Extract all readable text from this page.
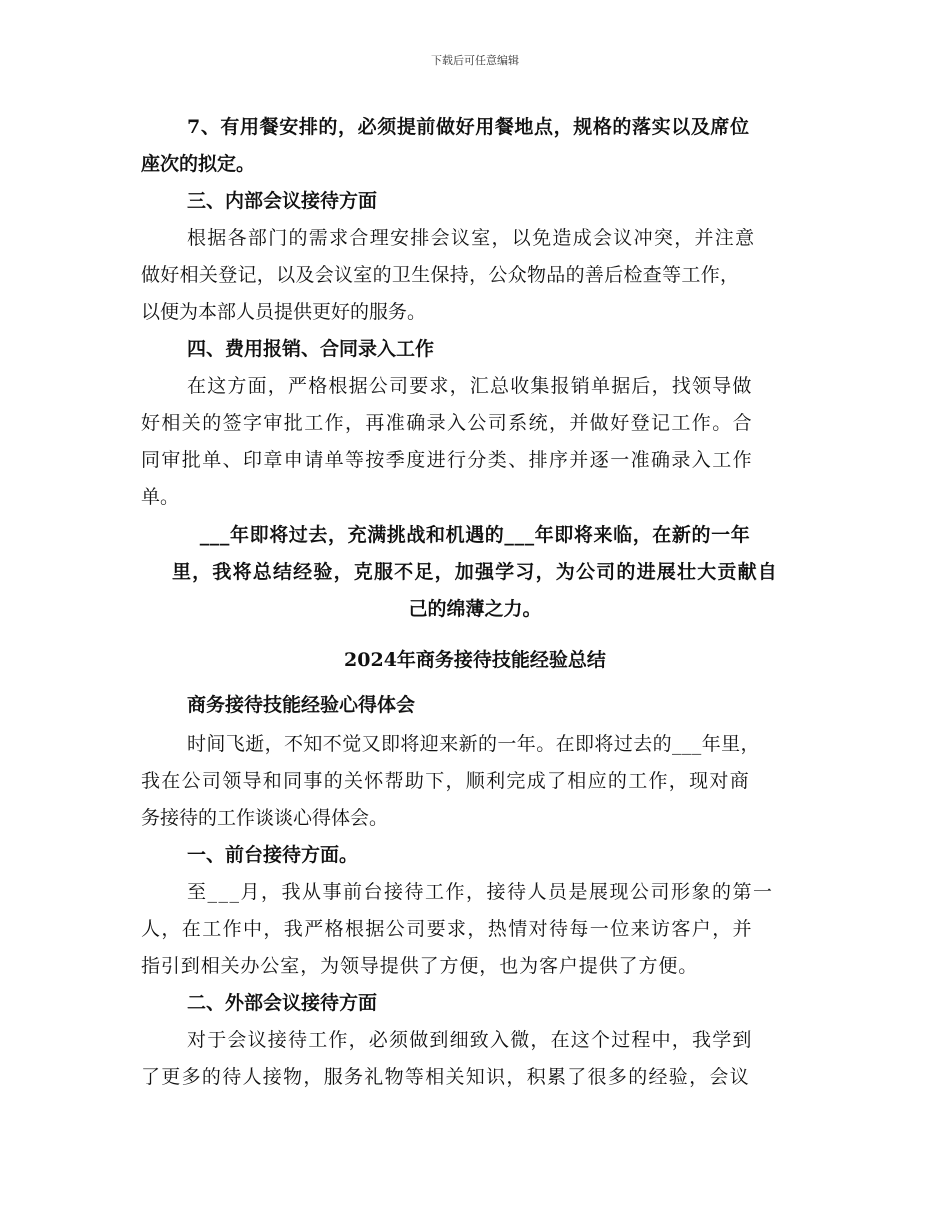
下载后可任意编辑
7、有用餐安排的，必须提前做好用餐地点，规格的落实以及席位
座次的拟定。
三、内部会议接待方面
根据各部门的需求合理安排会议室，以免造成会议冲突，并注意
做好相关登记，以及会议室的卫生保持，公众物品的善后检查等工作，
以便为本部人员提供更好的服务。
四、费用报销、合同录入工作
在这方面，严格根据公司要求，汇总收集报销单据后，找领导做
好相关的签字审批工作，再准确录入公司系统，并做好登记工作。合
同审批单、印章申请单等按季度进行分类、排序并逐一准确录入工作
单。
___年即将过去，充满挑战和机遇的___年即将来临，在新的一年
里，我将总结经验，克服不足，加强学习，为公司的进展壮大贡献自
己的绵薄之力。
2024年商务接待技能经验总结
商务接待技能经验心得体会
时间飞逝，不知不觉又即将迎来新的一年。在即将过去的___年里，
我在公司领导和同事的关怀帮助下，顺利完成了相应的工作，现对商
务接待的工作谈谈心得体会。
一、前台接待方面。
至___月，我从事前台接待工作，接待人员是展现公司形象的第一
人，在工作中，我严格根据公司要求，热情对待每一位来访客户，并
指引到相关办公室，为领导提供了方便，也为客户提供了方便。
二、外部会议接待方面
对于会议接待工作，必须做到细致入微，在这个过程中，我学到
了更多的待人接物，服务礼物等相关知识，积累了很多的经验，会议
